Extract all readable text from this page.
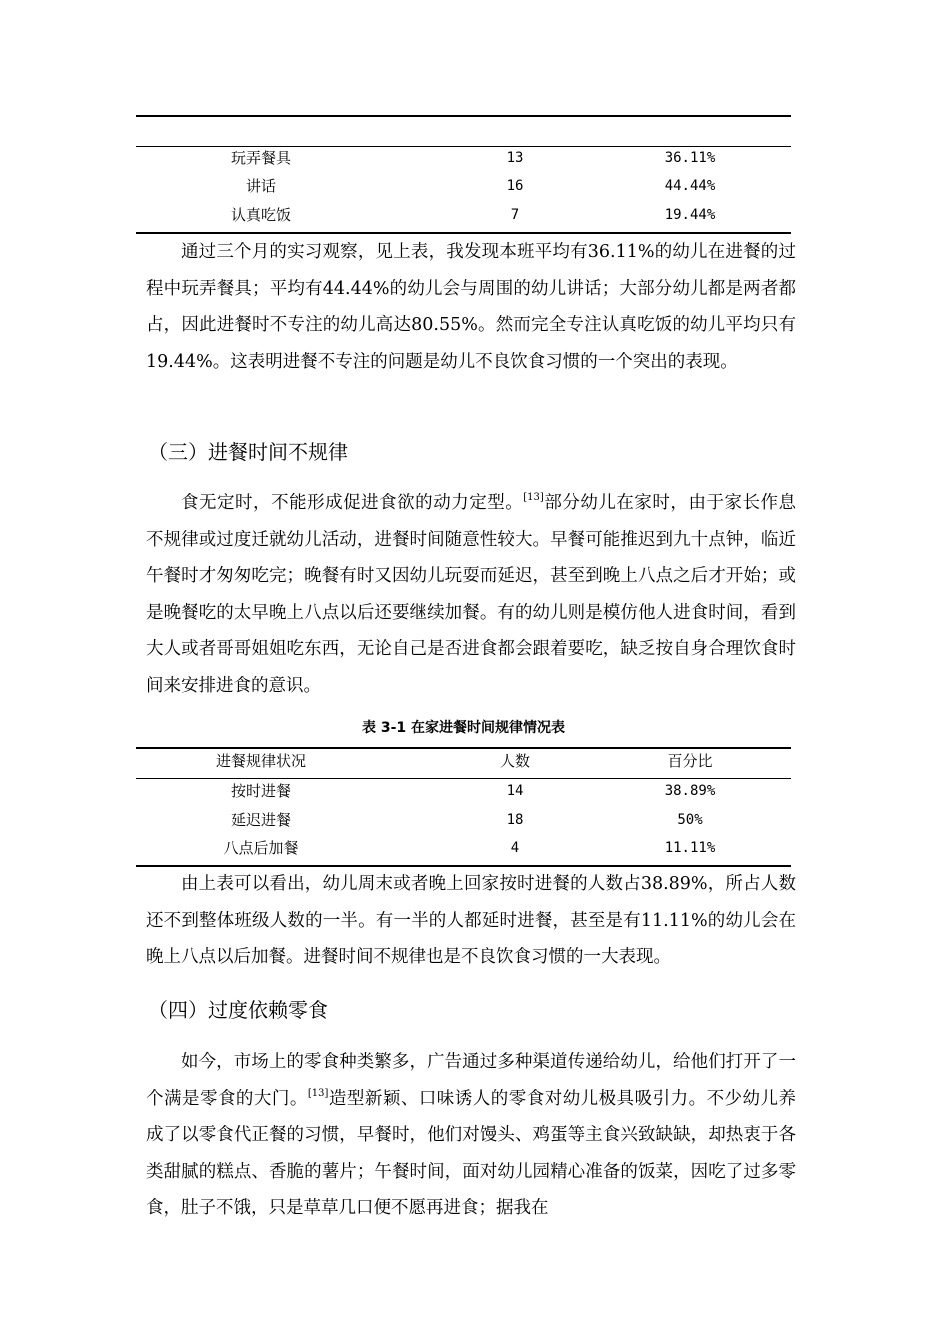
玩弄餐具	13	36.11%
讲话	16	44.44%
认真吃饭	7	19.44%

通过三个月的实习观察，见上表，我发现本班平均有36.11%的幼儿在进餐的过程中玩弄餐具；平均有44.44%的幼儿会与周围的幼儿讲话；大部分幼儿都是两者都占，因此进餐时不专注的幼儿高达80.55%。然而完全专注认真吃饭的幼儿平均只有19.44%。这表明进餐不专注的问题是幼儿不良饮食习惯的一个突出的表现。

（三）进餐时间不规律

食无定时，不能形成促进食欲的动力定型。[13]部分幼儿在家时，由于家长作息不规律或过度迁就幼儿活动，进餐时间随意性较大。早餐可能推迟到九十点钟，临近午餐时才匆匆吃完；晚餐有时又因幼儿玩耍而延迟，甚至到晚上八点之后才开始；或是晚餐吃的太早晚上八点以后还要继续加餐。有的幼儿则是模仿他人进食时间，看到大人或者哥哥姐姐吃东西，无论自己是否进食都会跟着要吃，缺乏按自身合理饮食时间来安排进食的意识。

表 3-1 在家进餐时间规律情况表

进餐规律状况	人数	百分比
按时进餐	14	38.89%
延迟进餐	18	50%
八点后加餐	4	11.11%

由上表可以看出，幼儿周末或者晚上回家按时进餐的人数占38.89%，所占人数还不到整体班级人数的一半。有一半的人都延时进餐，甚至是有11.11%的幼儿会在晚上八点以后加餐。进餐时间不规律也是不良饮食习惯的一大表现。

（四）过度依赖零食

如今，市场上的零食种类繁多，广告通过多种渠道传递给幼儿，给他们打开了一个满是零食的大门。[13]造型新颖、口味诱人的零食对幼儿极具吸引力。不少幼儿养成了以零食代正餐的习惯，早餐时，他们对馒头、鸡蛋等主食兴致缺缺，却热衷于各类甜腻的糕点、香脆的薯片；午餐时间，面对幼儿园精心准备的饭菜，因吃了过多零食，肚子不饿，只是草草几口便不愿再进食；据我在
